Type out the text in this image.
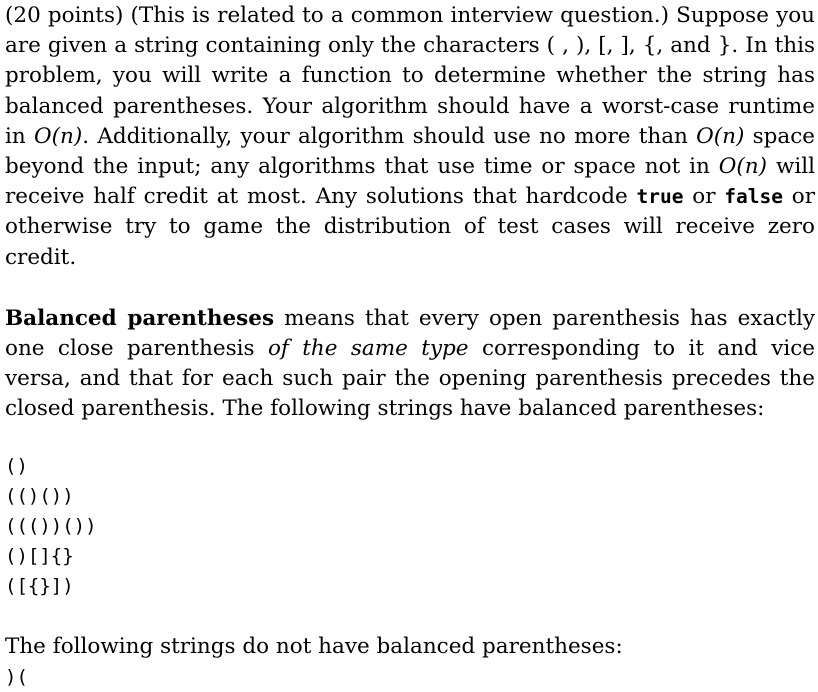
(20 points) (This is related to a common interview question.) Suppose you are given a string containing only the characters ( , ), [, ], {, and }. In this problem, you will write a function to determine whether the string has balanced parentheses. Your algorithm should have a worst-case runtime in O(n). Additionally, your algorithm should use no more than O(n) space beyond the input; any algorithms that use time or space not in O(n) will receive half credit at most. Any solutions that hardcode true or false or otherwise try to game the distribution of test cases will receive zero credit.

Balanced parentheses means that every open parenthesis has exactly one close parenthesis of the same type corresponding to it and vice versa, and that for each such pair the opening parenthesis precedes the closed parenthesis. The following strings have balanced parentheses:

()
(()())
((())())
()[]{}
([{}])
The following strings do not have balanced parentheses:
)(
